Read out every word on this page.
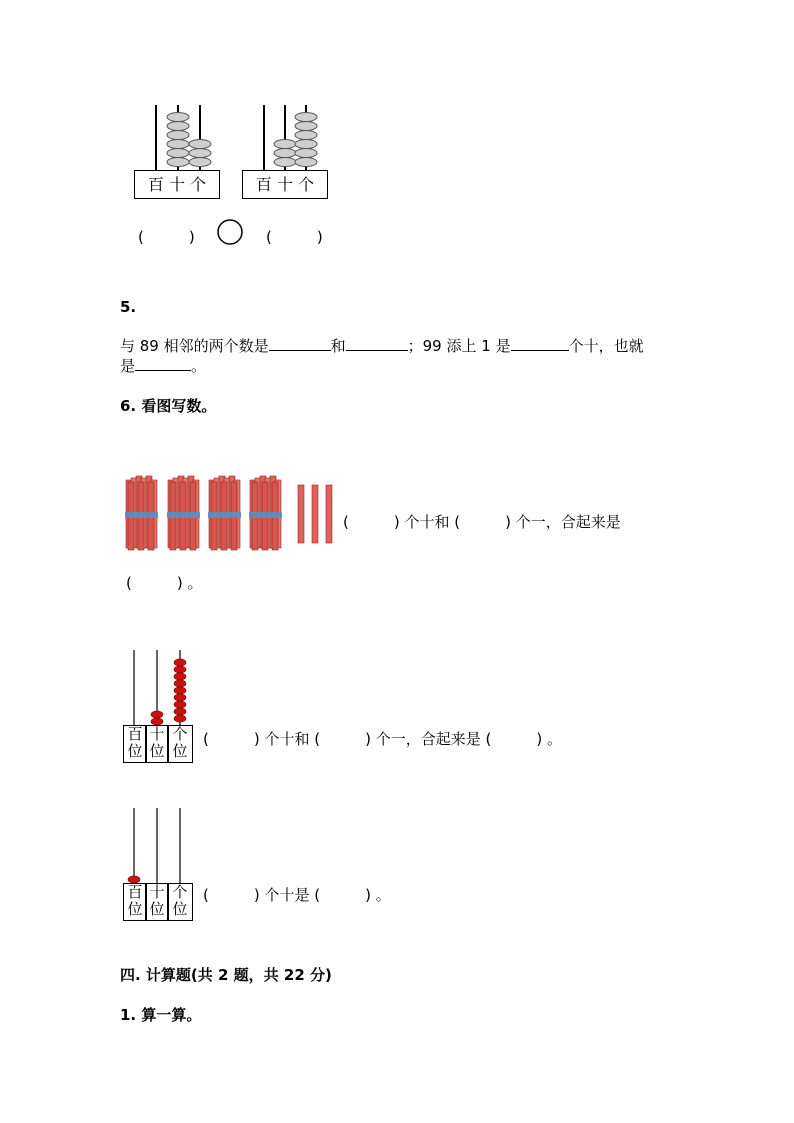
百 十 个	百 十 个
(　　　)	(　　　)
5.
与 89 相邻的两个数是	和	；99 添上 1 是	个十，也就
是	。
6. 看图写数。
(　　　) 个十和 (　　　) 个一，合起来是
(　　　) 。
百
位
十
位
个
位
(　　　) 个十和 (　　　) 个一，合起来是 (　　　) 。
百
位
十
位
个
位
(　　　) 个十是 (　　　) 。
四. 计算题(共 2 题，共 22 分)
1. 算一算。
